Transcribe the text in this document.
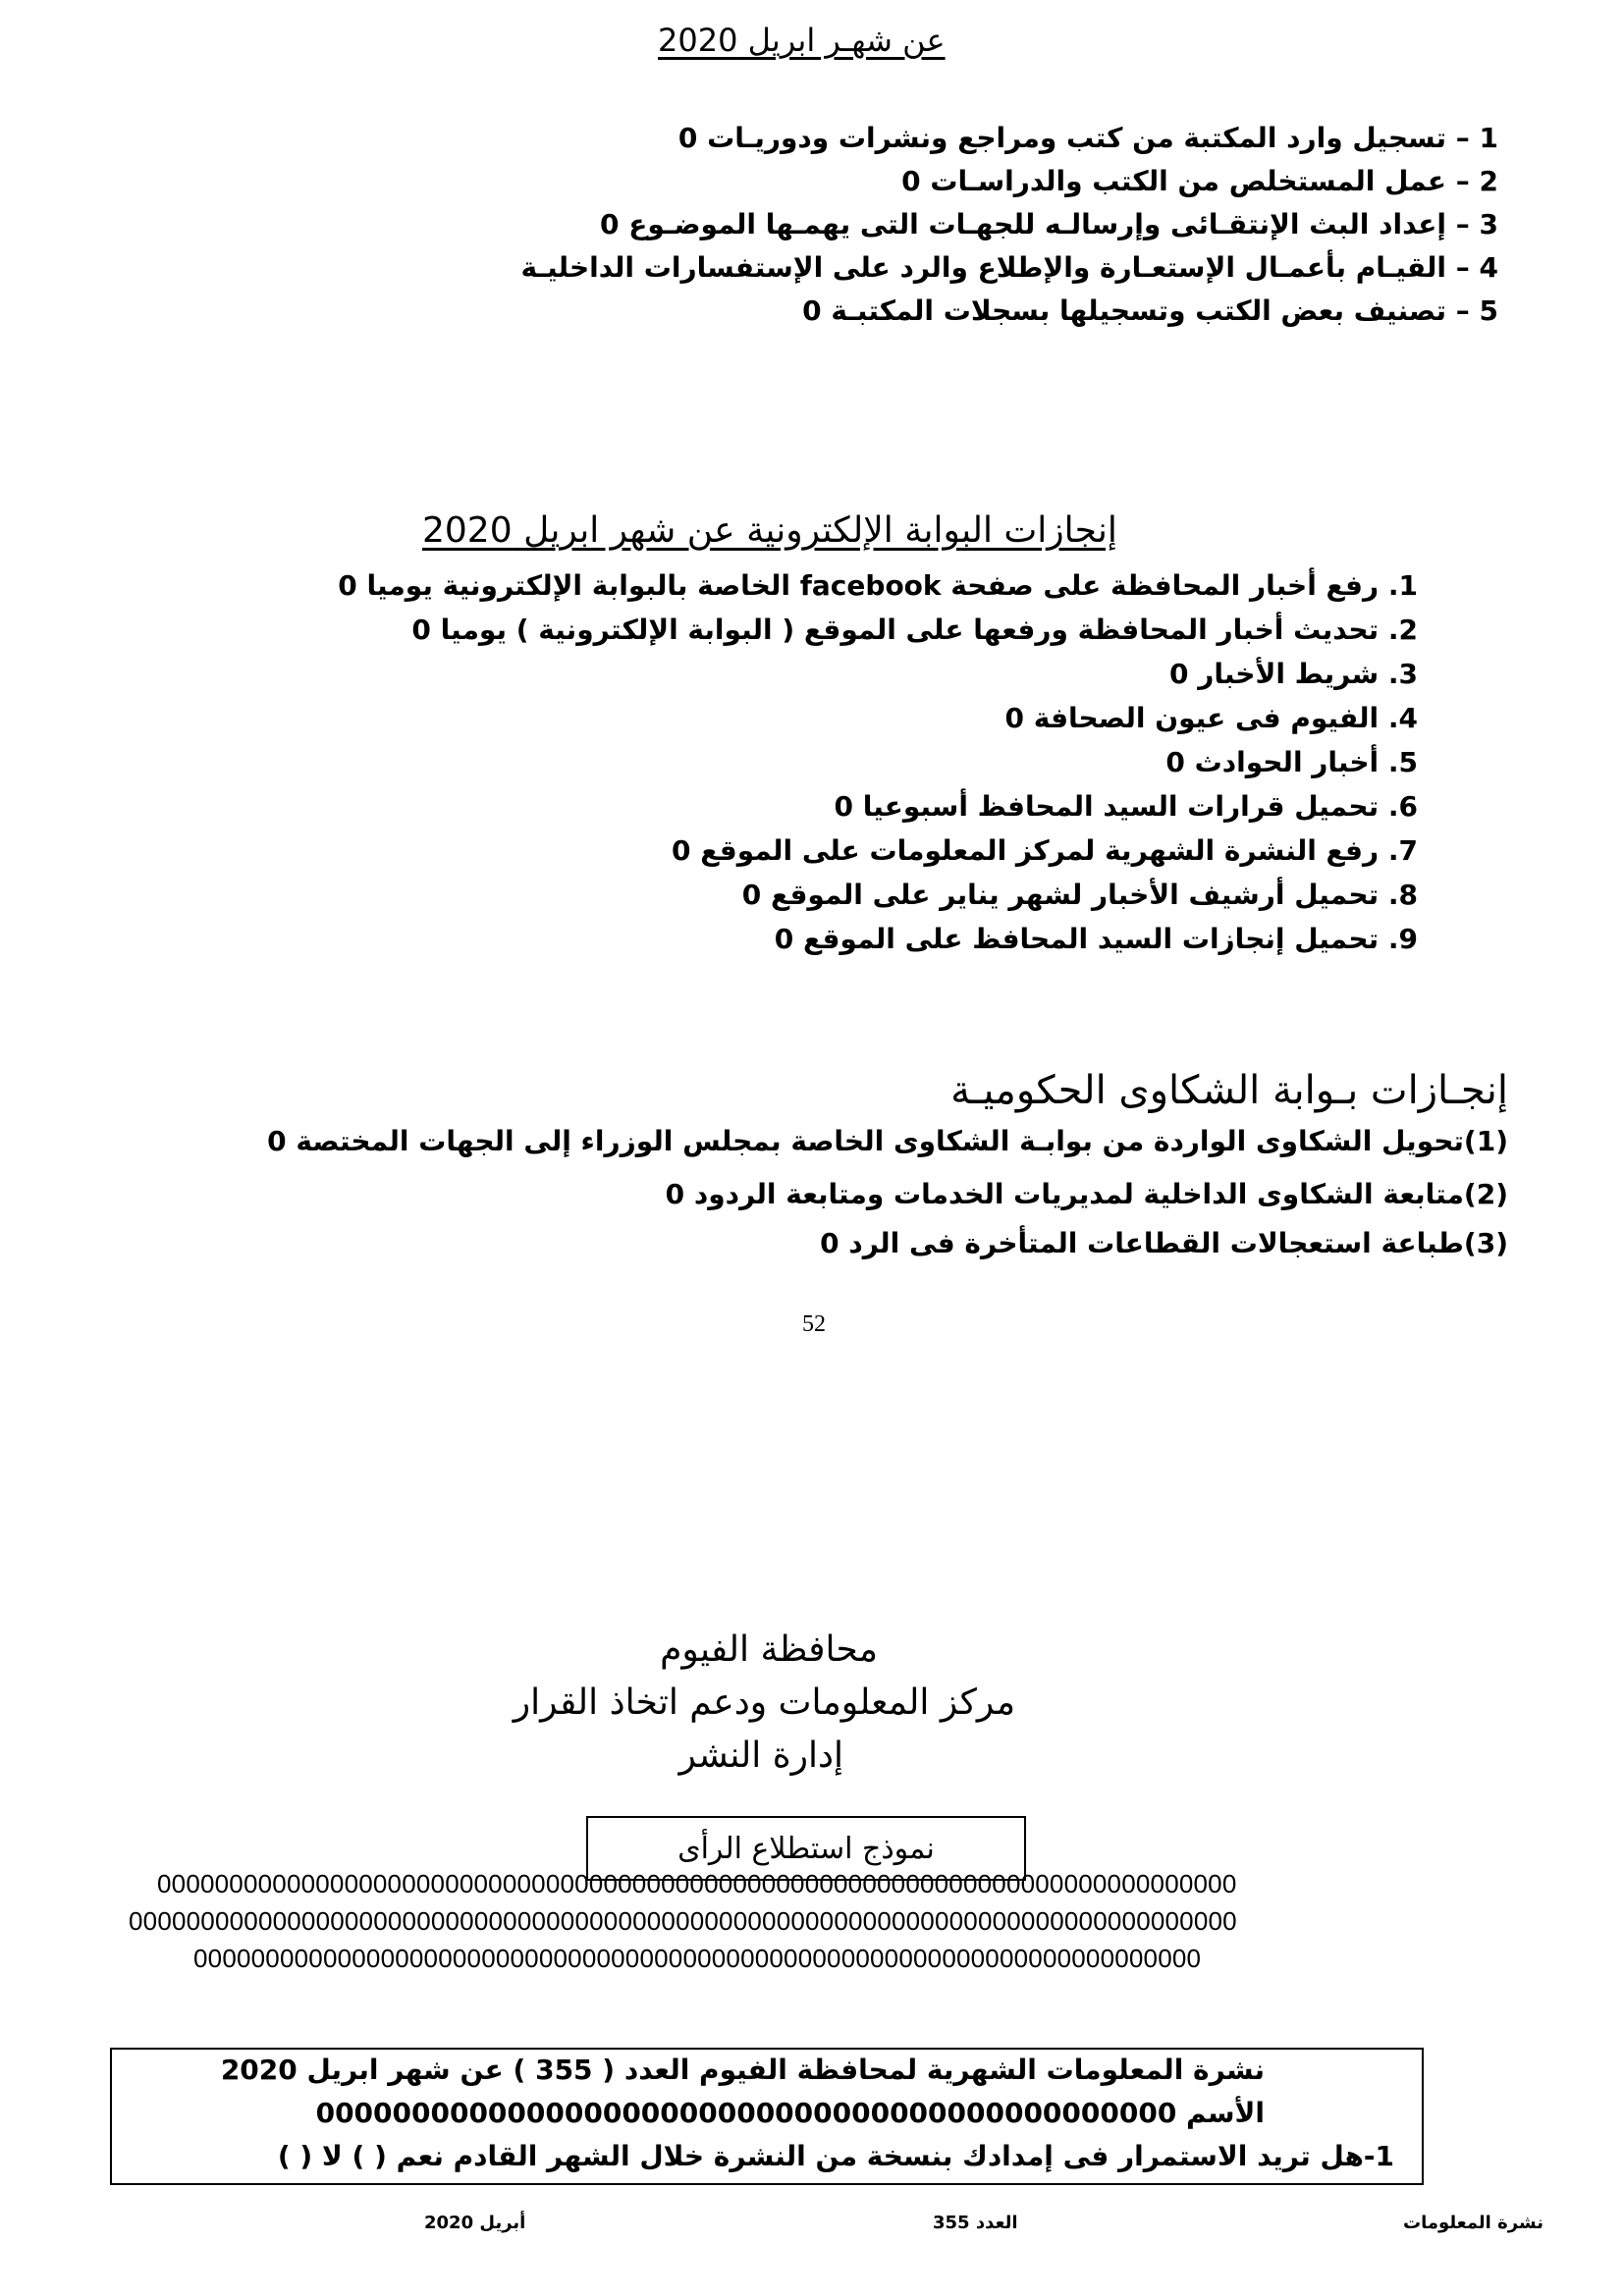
عن شهـر ابريل 2020
1 – تسجيل وارد المكتبة من كتب ومراجع ونشرات ودوريـات 0
2 – عمل المستخلص من الكتب والدراسـات 0
3 – إعداد البث الإنتقـائى وإرسالـه للجهـات التى يهمـها الموضـوع 0
4 – القيـام بأعمـال الإستعـارة والإطلاع والرد على الإستفسارات الداخليـة
5 – تصنيف بعض الكتب وتسجيلها بسجلات المكتبـة 0
إنجازات البوابة الإلكترونية عن شهر ابريل 2020
1. رفع أخبار المحافظة على صفحة facebook الخاصة بالبوابة الإلكترونية يوميا 0
2. تحديث أخبار المحافظة ورفعها على الموقع ( البوابة الإلكترونية ) يوميا 0
3. شريط الأخبار 0
4. الفيوم فى عيون الصحافة 0
5. أخبار الحوادث 0
6. تحميل قرارات السيد المحافظ أسبوعيا 0
7. رفع النشرة الشهرية لمركز المعلومات على الموقع 0
8. تحميل أرشيف الأخبار لشهر يناير على الموقع 0
9. تحميل إنجازات السيد المحافظ على الموقع 0
إنجـازات بـوابة الشكاوى الحكوميـة
(1)تحويل الشكاوى الواردة من بوابـة الشكاوى الخاصة بمجلس الوزراء إلى الجهات المختصة 0
(2)متابعة الشكاوى الداخلية لمديريات الخدمات ومتابعة الردود 0
(3)طباعة استعجالات القطاعات المتأخرة فى الرد 0
52
محافظة الفيوم
مركز المعلومات ودعم اتخاذ القرار
إدارة النشر
نموذج استطلاع الرأى
000000000000000000000000000000000000000000000000000000000000000000000000000
00000000000000000000000000000000000000000000000000000000000000000000000000000
0000000000000000000000000000000000000000000000000000000000000000000000
نشرة المعلومات الشهرية لمحافظة الفيوم العدد ( 355 ) عن شهر ابريل 2020
الأسم 000000000000000000000000000000000000000000000
1-هل تريد الاستمرار فى إمدادك بنسخة من النشرة خلال الشهر القادم نعم ( ) لا ( )
نشرة المعلومات
العدد 355
أبريل 2020
